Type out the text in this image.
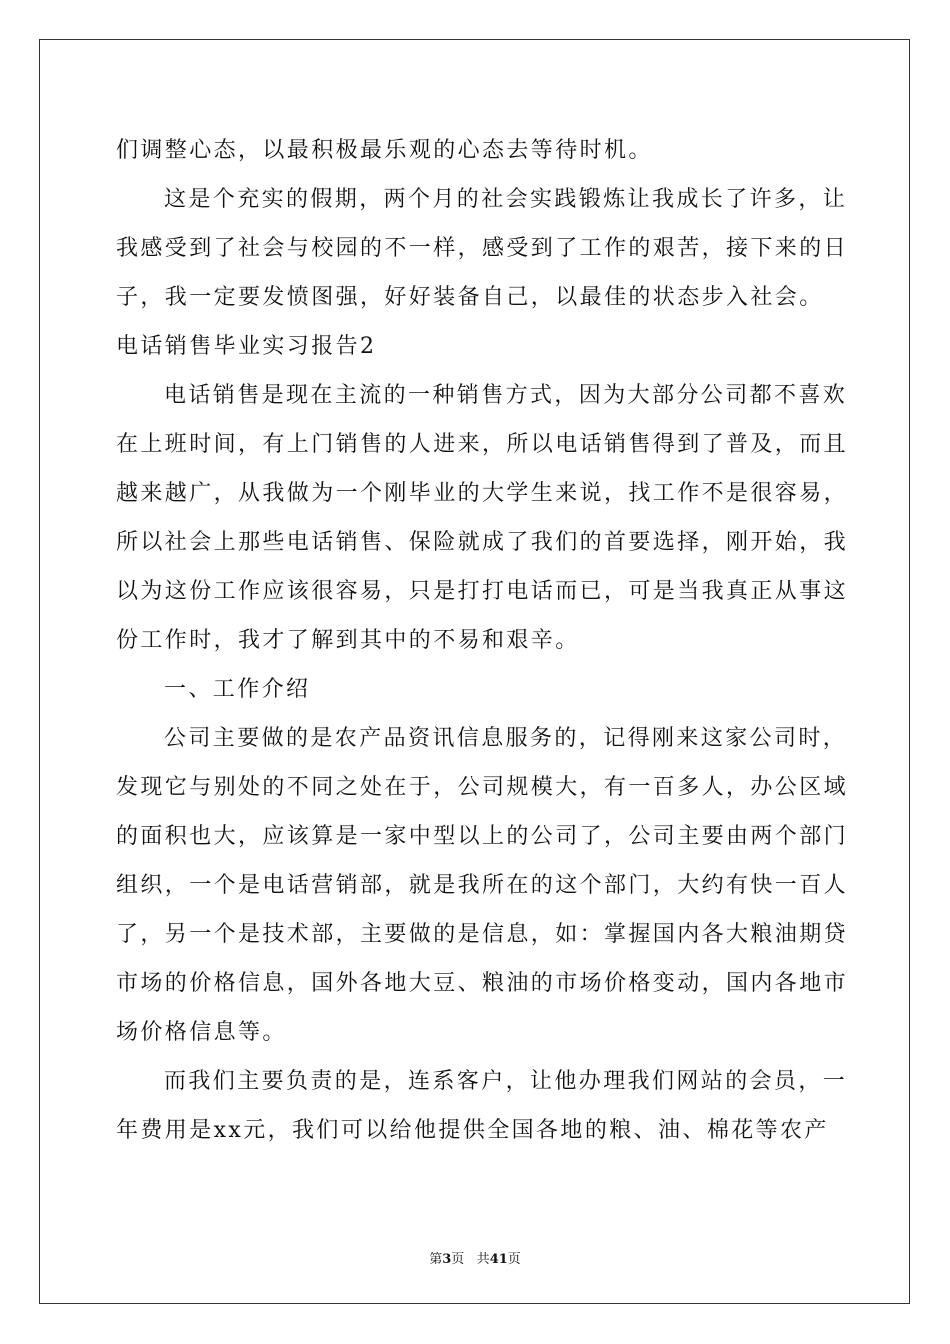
们调整心态，以最积极最乐观的心态去等待时机。
这是个充实的假期，两个月的社会实践锻炼让我成长了许多，让
我感受到了社会与校园的不一样，感受到了工作的艰苦，接下来的日
子，我一定要发愤图强，好好装备自己，以最佳的状态步入社会。
电话销售毕业实习报告2
电话销售是现在主流的一种销售方式，因为大部分公司都不喜欢
在上班时间，有上门销售的人进来，所以电话销售得到了普及，而且
越来越广，从我做为一个刚毕业的大学生来说，找工作不是很容易，
所以社会上那些电话销售、保险就成了我们的首要选择，刚开始，我
以为这份工作应该很容易，只是打打电话而已，可是当我真正从事这
份工作时，我才了解到其中的不易和艰辛。
一、工作介绍
公司主要做的是农产品资讯信息服务的，记得刚来这家公司时，
发现它与别处的不同之处在于，公司规模大，有一百多人，办公区域
的面积也大，应该算是一家中型以上的公司了，公司主要由两个部门
组织，一个是电话营销部，就是我所在的这个部门，大约有快一百人
了，另一个是技术部，主要做的是信息，如：掌握国内各大粮油期贷
市场的价格信息，国外各地大豆、粮油的市场价格变动，国内各地市
场价格信息等。
而我们主要负责的是，连系客户，让他办理我们网站的会员，一
年费用是xx元，我们可以给他提供全国各地的粮、油、棉花等农产
第3页 共41页
